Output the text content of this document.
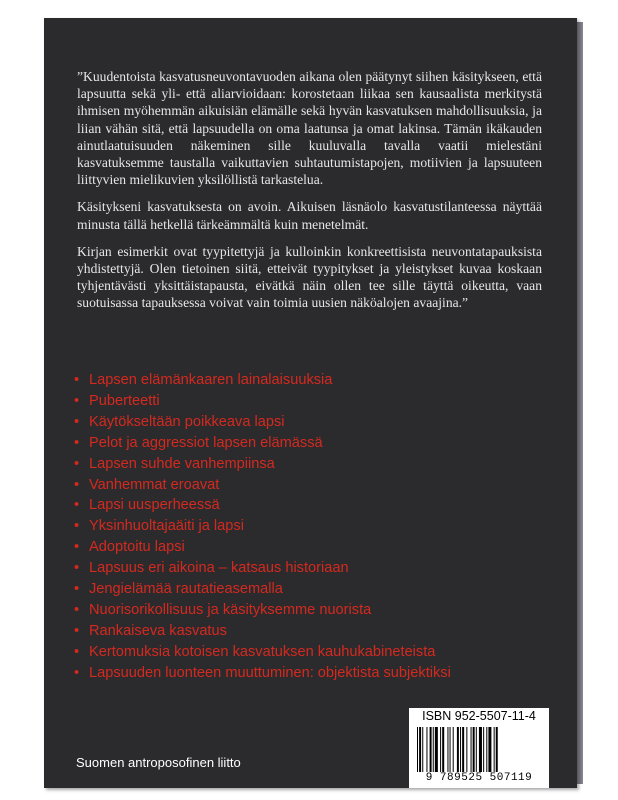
”Kuudentoista kasvatusneuvontavuoden aikana olen päätynyt siihen käsitykseen, että lapsuutta sekä yli- että aliarvioidaan: korostetaan liikaa sen kausaalista merkitystä ihmisen myöhemmän aikuisiän elämälle sekä hyvän kasvatuksen mahdollisuuksia, ja liian vähän sitä, että lapsuudella on oma laatunsa ja omat lakinsa. Tämän ikäkauden ainutlaatuisuuden näkeminen sille kuuluvalla tavalla vaatii mielestäni kasvatuksemme taustalla vaikuttavien suhtautumistapojen, motiivien ja lapsuuteen liittyvien mielikuvien yksilöllistä tarkastelua.

Käsitykseni kasvatuksesta on avoin. Aikuisen läsnäolo kasvatustilanteessa näyttää minusta tällä hetkellä tärkeämmältä kuin menetelmät.

Kirjan esimerkit ovat tyypitettyjä ja kulloinkin konkreettisista neuvontatapauksista yhdistettyjä. Olen tietoinen siitä, etteivät tyypitykset ja yleistykset kuvaa koskaan tyhjentävästi yksittäistapausta, eivätkä näin ollen tee sille täyttä oikeutta, vaan suotuisassa tapauksessa voivat vain toimia uusien näköalojen avaajina.”

• Lapsen elämänkaaren lainalaisuuksia
• Puberteetti
• Käytökseltään poikkeava lapsi
• Pelot ja aggressiot lapsen elämässä
• Lapsen suhde vanhempiinsa
• Vanhemmat eroavat
• Lapsi uusperheessä
• Yksinhuoltajaäiti ja lapsi
• Adoptoitu lapsi
• Lapsuus eri aikoina – katsaus historiaan
• Jengielämää rautatieasemalla
• Nuorisorikollisuus ja käsityksemme nuorista
• Rankaiseva kasvatus
• Kertomuksia kotoisen kasvatuksen kauhukabineteista
• Lapsuuden luonteen muuttuminen: objektista subjektiksi
Suomen antroposofinen liitto
ISBN 952-5507-11-4
9 789525 507119
